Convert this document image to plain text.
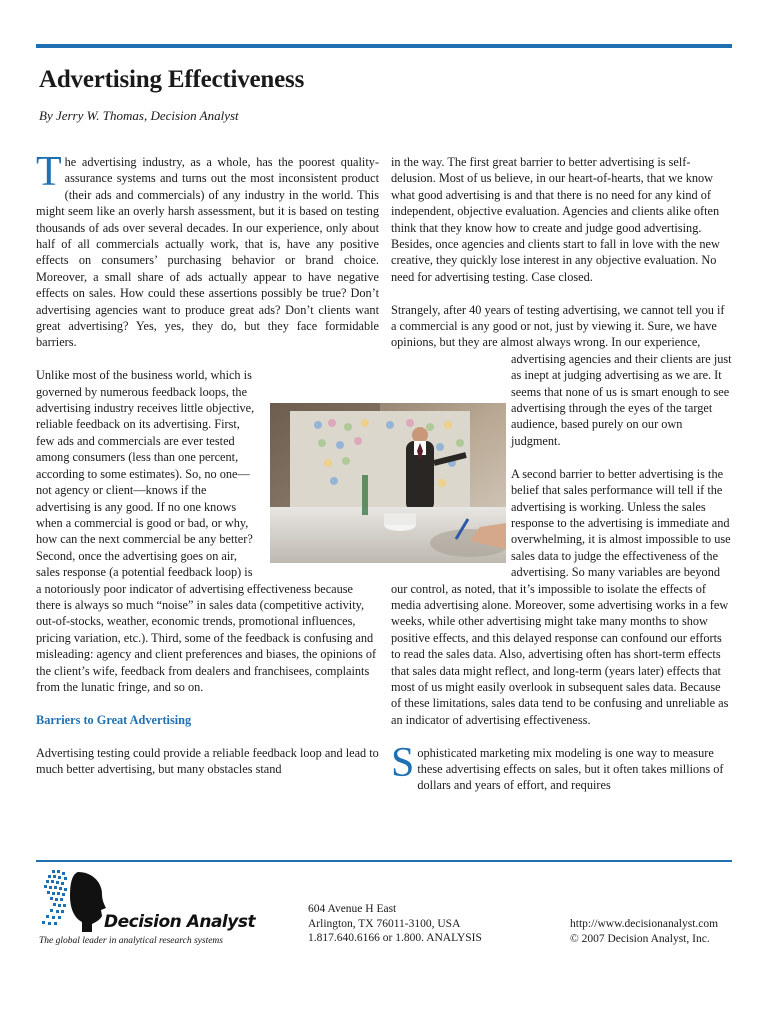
Advertising Effectiveness
By Jerry W. Thomas, Decision Analyst

The advertising industry, as a whole, has the poorest quality-assurance systems and turns out the most inconsistent product (their ads and commercials) of any industry in the world. This might seem like an overly harsh assessment, but it is based on testing thousands of ads over several decades. In our experience, only about half of all commercials actually work, that is, have any positive effects on consumers’ purchasing behavior or brand choice. Moreover, a small share of ads actually appear to have negative effects on sales. How could these assertions possibly be true? Don’t advertising agencies want to produce great ads? Don’t clients want great advertising? Yes, yes, they do, but they face formidable barriers.

Unlike most of the business world, which is governed by numerous feedback loops, the advertising industry receives little objective, reliable feedback on its advertising. First, few ads and commercials are ever tested among consumers (less than one percent, according to some estimates). So, no one—not agency or client—knows if the advertising is any good. If no one knows when a commercial is good or bad, or why, how can the next commercial be any better? Second, once the advertising goes on air, sales response (a potential feedback loop) is a notoriously poor indicator of advertising effectiveness because there is always so much “noise” in sales data (competitive activity, out-of-stocks, weather, economic trends, promotional influences, pricing variation, etc.). Third, some of the feedback is confusing and misleading: agency and client preferences and biases, the opinions of the client’s wife, feedback from dealers and franchisees, complaints from the lunatic fringe, and so on.

Barriers to Great Advertising

Advertising testing could provide a reliable feedback loop and lead to much better advertising, but many obstacles stand

in the way. The first great barrier to better advertising is self-delusion. Most of us believe, in our heart-of-hearts, that we know what good advertising is and that there is no need for any kind of independent, objective evaluation. Agencies and clients alike often think that they know how to create and judge good advertising. Besides, once agencies and clients start to fall in love with the new creative, they quickly lose interest in any objective evaluation. No need for advertising testing. Case closed.

Strangely, after 40 years of testing advertising, we cannot tell you if a commercial is any good or not, just by viewing it. Sure, we have opinions, but they are almost always wrong. In our experience, advertising agencies and their clients are just as inept at judging advertising as we are. It seems that none of us is smart enough to see advertising through the eyes of the target audience, based purely on our own judgment.

A second barrier to better advertising is the belief that sales performance will tell if the advertising is working. Unless the sales response to the advertising is immediate and overwhelming, it is almost impossible to use sales data to judge the effectiveness of the advertising. So many variables are beyond our control, as noted, that it’s impossible to isolate the effects of media advertising alone. Moreover, some advertising works in a few weeks, while other advertising might take many months to show positive effects, and this delayed response can confound our efforts to read the sales data. Also, advertising often has short-term effects that sales data might reflect, and long-term (years later) effects that most of us might easily overlook in subsequent sales data. Because of these limitations, sales data tend to be confusing and unreliable as an indicator of advertising effectiveness.

Sophisticated marketing mix modeling is one way to measure these advertising effects on sales, but it often takes millions of dollars and years of effort, and requires

Decision Analyst
The global leader in analytical research systems
604 Avenue H East
Arlington, TX 76011-3100, USA
1.817.640.6166 or 1.800. ANALYSIS
http://www.decisionanalyst.com
© 2007 Decision Analyst, Inc.
